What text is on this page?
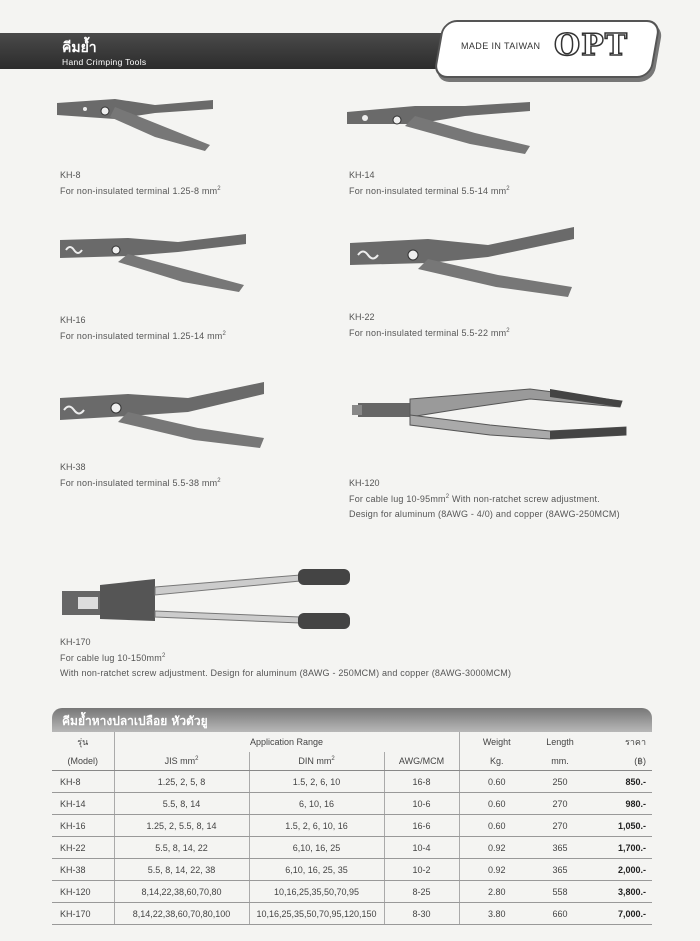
คีมย้ำ
Hand Crimping Tools
MADE IN TAIWAN OPT
KH-8
For non-insulated terminal 1.25-8 $mm^2$
KH-14
For non-insulated terminal 5.5-14 $mm^2$
KH-16
For non-insulated terminal 1.25-14 $mm^2$
KH-22
For non-insulated terminal 5.5-22 $mm^2$
KH-38
For non-insulated terminal 5.5-38 $mm^2$	KH-120
For cable lug $10-95mm^2$ With non-ratchet screw adjustment.
Design for aluminum (8AWG - 4/0) and copper (8AWG-250MCM)
KH-170
For cable lug $10-150mm^2$
With non-ratchet screw adjustment. Design for aluminum (8AWG - 250MCM) and copper (8AWG-3000MCM)
คีมย้ำหางปลาเปลือย หัวตัวยู
รุ่น	Application Range			Weight	Length	ราคา
(Model)	JIS $mm^2$	DIN $mm^2$	AWG/MCM	Kg.	mm.	(฿)
KH-8	1.25, 2, 5, 8	1.5, 2, 6, 10	16-8	0.60	250	850.-
KH-14	5.5, 8, 14	6, 10, 16	10-6	0.60	270	980.-
KH-16	1.25, 2, 5.5, 8, 14	1.5, 2, 6, 10, 16	16-6	0.60	270	1,050.-
KH-22	5.5, 8, 14, 22	6,10, 16, 25	10-4	0.92	365	1,700.-
KH-38	5.5, 8, 14, 22, 38	6,10, 16, 25, 35	10-2	0.92	365	2,000.-
KH-120	8,14,22,38,60,70,80	10,16,25,35,50,70,95	8-25	2.80	558	3,800.-
KH-170	8,14,22,38,60,70,80,100	10,16,25,35,50,70,95,120,150	8-30	3.80	660	7,000.-
